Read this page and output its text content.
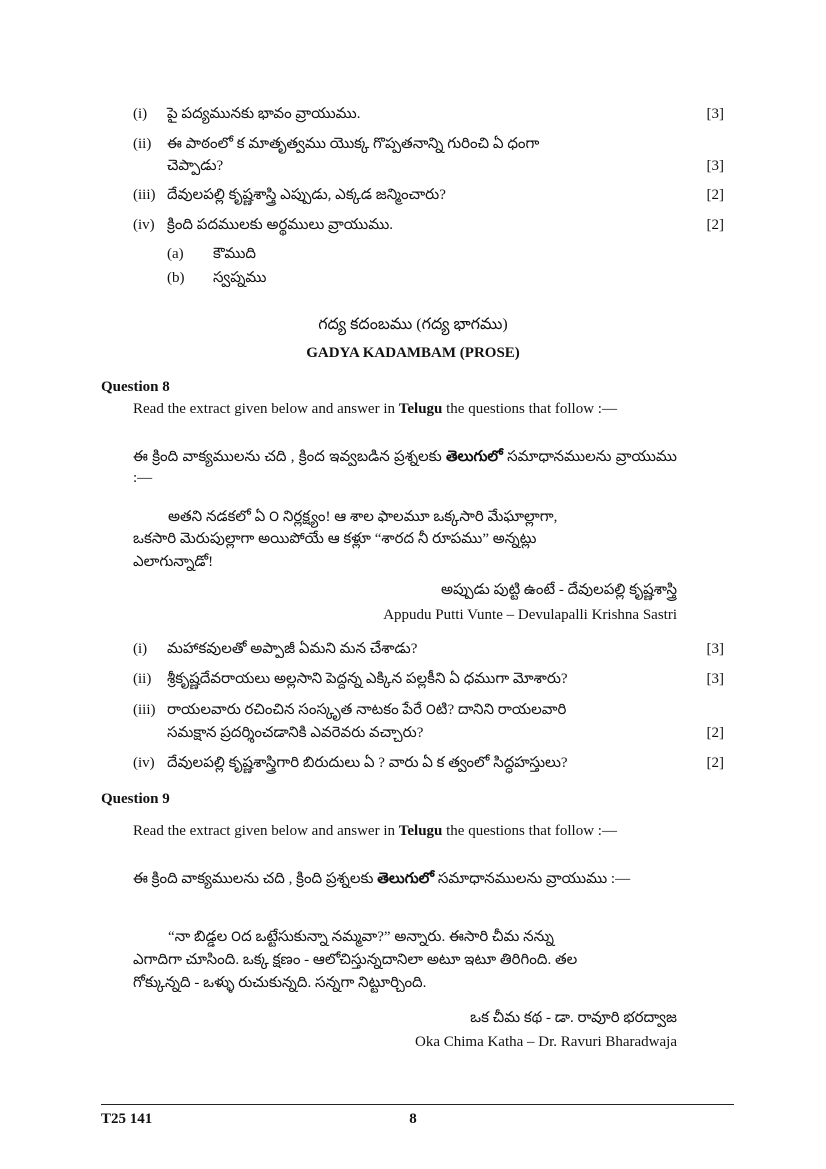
(i) పై పద్యమునకు భావం వ్రాయుము.	[3]
(ii) ఈ పాఠంలో క మాతృత్వము యొక్క గొప్పతనాన్ని గురించి ఏ ధంగా
చెప్పాడు?	[3]
(iii) దేవులపల్లి కృష్ణశాస్త్రి ఎప్పుడు, ఎక్కడ జన్మించారు?	[2]
(iv) క్రింది పదములకు అర్థములు వ్రాయుము.	[2]
(a) కౌముది
(b) స్వప్నము
గద్య కదంబము (గద్య భాగము)
GADYA KADAMBAM (PROSE)
Question 8
Read the extract given below and answer in Telugu the questions that follow :—
ఈ క్రింది వాక్యములను చది , క్రింద ఇవ్వబడిన ప్రశ్నలకు తెలుగులో సమాధానములను వ్రాయుము :—
అతని నడకలో ఏ ౦ నిర్లక్ష్యం! ఆ శాల ఫాలమూ ఒక్కసారి మేఘాల్లాగా,
ఒకసారి మెరుపుల్లాగా అయిపోయే ఆ కళ్లూ “శారద నీ రూపము” అన్నట్లు
ఎలాగున్నాడో!
అప్పుడు పుట్టి ఉంటే - దేవులపల్లి కృష్ణశాస్త్రి
Appudu Putti Vunte – Devulapalli Krishna Sastri
(i) మహాకవులతో అప్పాజీ ఏమని మన చేశాడు?	[3]
(ii) శ్రీకృష్ణదేవరాయలు అల్లసాని పెద్దన్న ఎక్కిన పల్లకీని ఏ ధముగా మోశారు?	[3]
(iii) రాయలవారు రచించిన సంస్కృత నాటకం పేరే ౦టి? దానిని రాయలవారి
సమక్షాన ప్రదర్శించడానికి ఎవరెవరు వచ్చారు?	[2]
(iv) దేవులపల్లి కృష్ణశాస్త్రిగారి బిరుదులు ఏ ? వారు ఏ క త్వంలో సిద్ధహస్తులు?	[2]
Question 9
Read the extract given below and answer in Telugu the questions that follow :—
ఈ క్రింది వాక్యములను చది , క్రింది ప్రశ్నలకు తెలుగులో సమాధానములను వ్రాయుము :—
“నా బిడ్డల ౦ద ఒట్టేసుకున్నా నమ్మవా?” అన్నారు. ఈసారి చీమ నన్ను
ఎగాదిగా చూసింది. ఒక్క క్షణం - ఆలోచిస్తున్నదానిలా అటూ ఇటూ తిరిగింది. తల
గోక్కున్నది - ఒళ్ళు రుచుకున్నది. సన్నగా నిట్టూర్చింది.
ఒక చీమ కథ - డా. రావూరి భరద్వాజ
Oka Chima Katha – Dr. Ravuri Bharadwaja
T25 141	8
